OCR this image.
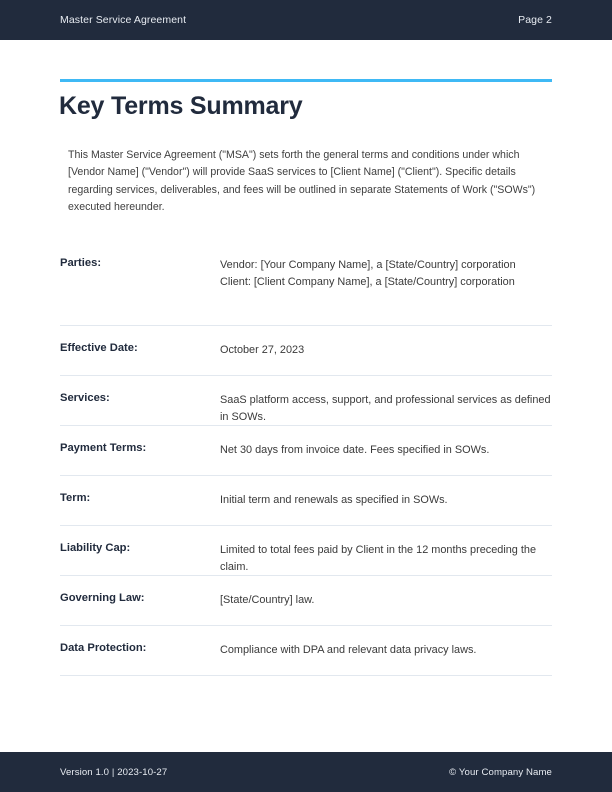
Master Service Agreement	Page 2
Key Terms Summary

This Master Service Agreement ("MSA") sets forth the general terms and conditions under which [Vendor Name] ("Vendor") will provide SaaS services to [Client Name] ("Client"). Specific details regarding services, deliverables, and fees will be outlined in separate Statements of Work ("SOWs") executed hereunder.

Parties:	Vendor: [Your Company Name], a [State/Country] corporation
Client: [Client Company Name], a [State/Country] corporation
Effective Date:	October 27, 2023
Services:	SaaS platform access, support, and professional services as defined in SOWs.
Payment Terms:	Net 30 days from invoice date. Fees specified in SOWs.
Term:	Initial term and renewals as specified in SOWs.
Liability Cap:	Limited to total fees paid by Client in the 12 months preceding the claim.
Governing Law:	[State/Country] law.
Data Protection:	Compliance with DPA and relevant data privacy laws.
Version 1.0 | 2023-10-27	© Your Company Name
